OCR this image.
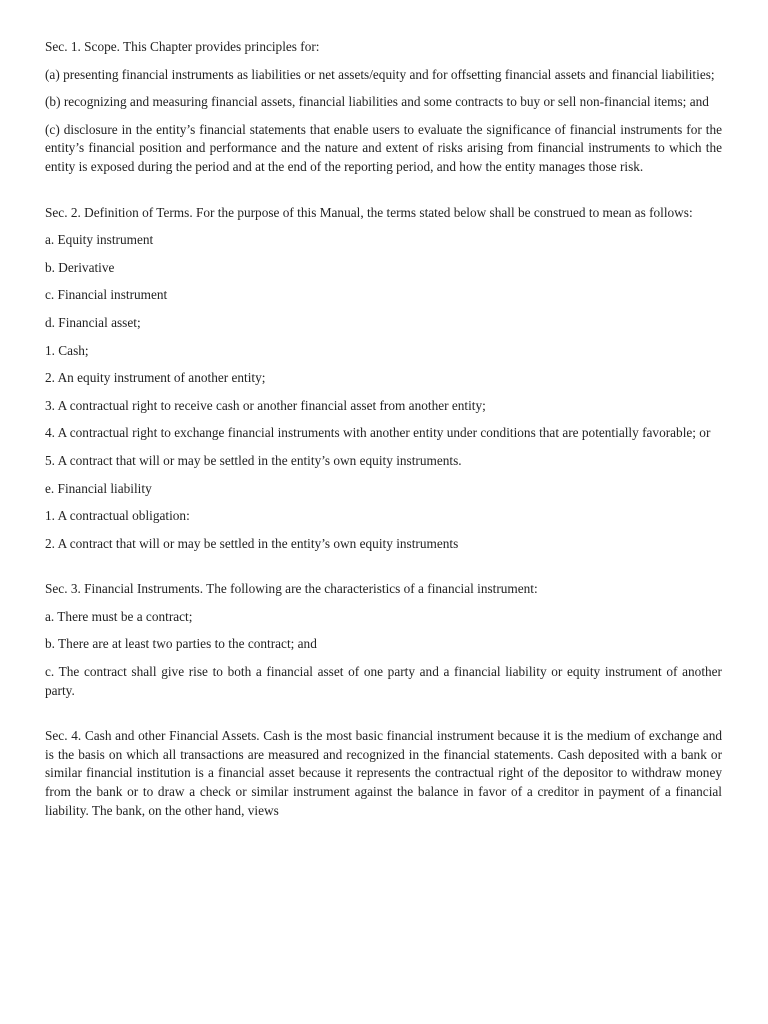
Sec. 1. Scope. This Chapter provides principles for:

(a) presenting financial instruments as liabilities or net assets/equity and for offsetting financial assets and financial liabilities;

(b) recognizing and measuring financial assets, financial liabilities and some contracts to buy or sell non-financial items; and

(c) disclosure in the entity’s financial statements that enable users to evaluate the significance of financial instruments for the entity’s financial position and performance and the nature and extent of risks arising from financial instruments to which the entity is exposed during the period and at the end of the reporting period, and how the entity manages those risk.

Sec. 2. Definition of Terms. For the purpose of this Manual, the terms stated below shall be construed to mean as follows:

a. Equity instrument

b. Derivative

c. Financial instrument

d. Financial asset;

1. Cash;

2. An equity instrument of another entity;

3. A contractual right to receive cash or another financial asset from another entity;

4. A contractual right to exchange financial instruments with another entity under conditions that are potentially favorable; or

5. A contract that will or may be settled in the entity’s own equity instruments.

e. Financial liability

1. A contractual obligation:

2. A contract that will or may be settled in the entity’s own equity instruments

Sec. 3. Financial Instruments. The following are the characteristics of a financial instrument:

a. There must be a contract;

b. There are at least two parties to the contract; and

c. The contract shall give rise to both a financial asset of one party and a financial liability or equity instrument of another party.

Sec. 4. Cash and other Financial Assets. Cash is the most basic financial instrument because it is the medium of exchange and is the basis on which all transactions are measured and recognized in the financial statements. Cash deposited with a bank or similar financial institution is a financial asset because it represents the contractual right of the depositor to withdraw money from the bank or to draw a check or similar instrument against the balance in favor of a creditor in payment of a financial liability. The bank, on the other hand, views
